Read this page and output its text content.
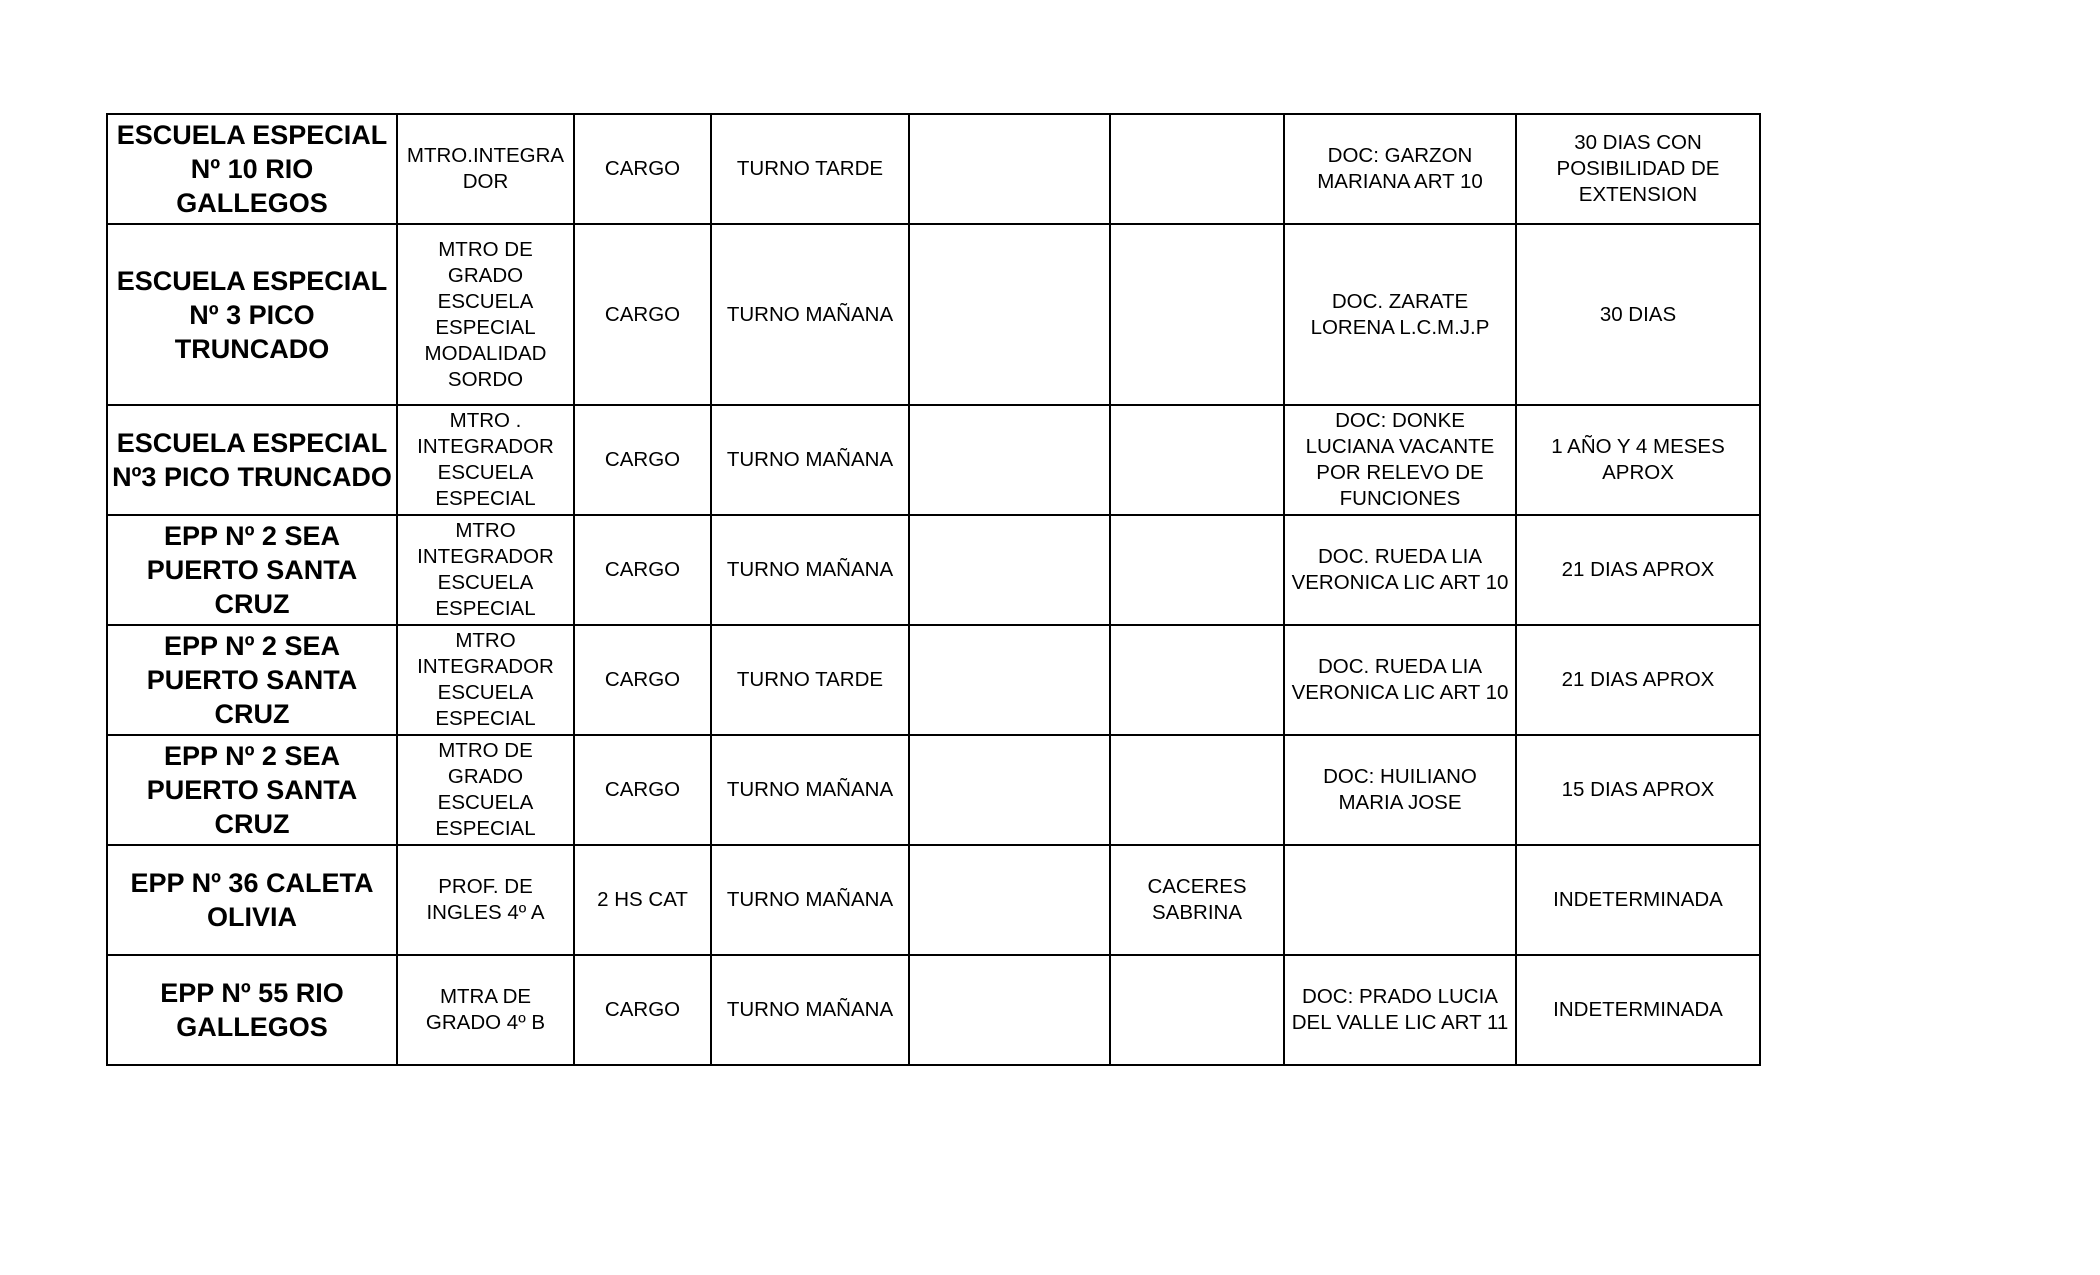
ESCUELA ESPECIAL Nº 10 RIO GALLEGOS	MTRO.INTEGRA DOR	CARGO	TURNO TARDE			DOC: GARZON MARIANA ART 10	30 DIAS CON POSIBILIDAD DE EXTENSION
ESCUELA ESPECIAL Nº 3 PICO TRUNCADO	MTRO DE GRADO ESCUELA ESPECIAL MODALIDAD SORDO	CARGO	TURNO MAÑANA			DOC. ZARATE LORENA L.C.M.J.P	30 DIAS
ESCUELA ESPECIAL Nº3 PICO TRUNCADO	MTRO . INTEGRADOR ESCUELA ESPECIAL	CARGO	TURNO MAÑANA			DOC: DONKE LUCIANA VACANTE POR RELEVO DE FUNCIONES	1 AÑO Y 4 MESES APROX
EPP Nº 2 SEA PUERTO SANTA CRUZ	MTRO INTEGRADOR ESCUELA ESPECIAL	CARGO	TURNO MAÑANA			DOC. RUEDA LIA VERONICA LIC ART 10	21 DIAS APROX
EPP Nº 2 SEA PUERTO SANTA CRUZ	MTRO INTEGRADOR ESCUELA ESPECIAL	CARGO	TURNO TARDE			DOC. RUEDA LIA VERONICA LIC ART 10	21 DIAS APROX
EPP Nº 2 SEA PUERTO SANTA CRUZ	MTRO DE GRADO ESCUELA ESPECIAL	CARGO	TURNO MAÑANA			DOC: HUILIANO MARIA JOSE	15 DIAS APROX
EPP Nº 36 CALETA OLIVIA	PROF. DE INGLES 4º A	2 HS CAT	TURNO MAÑANA		CACERES SABRINA		INDETERMINADA
EPP Nº 55 RIO GALLEGOS	MTRA DE GRADO 4º B	CARGO	TURNO MAÑANA			DOC: PRADO LUCIA DEL VALLE LIC ART 11	INDETERMINADA
